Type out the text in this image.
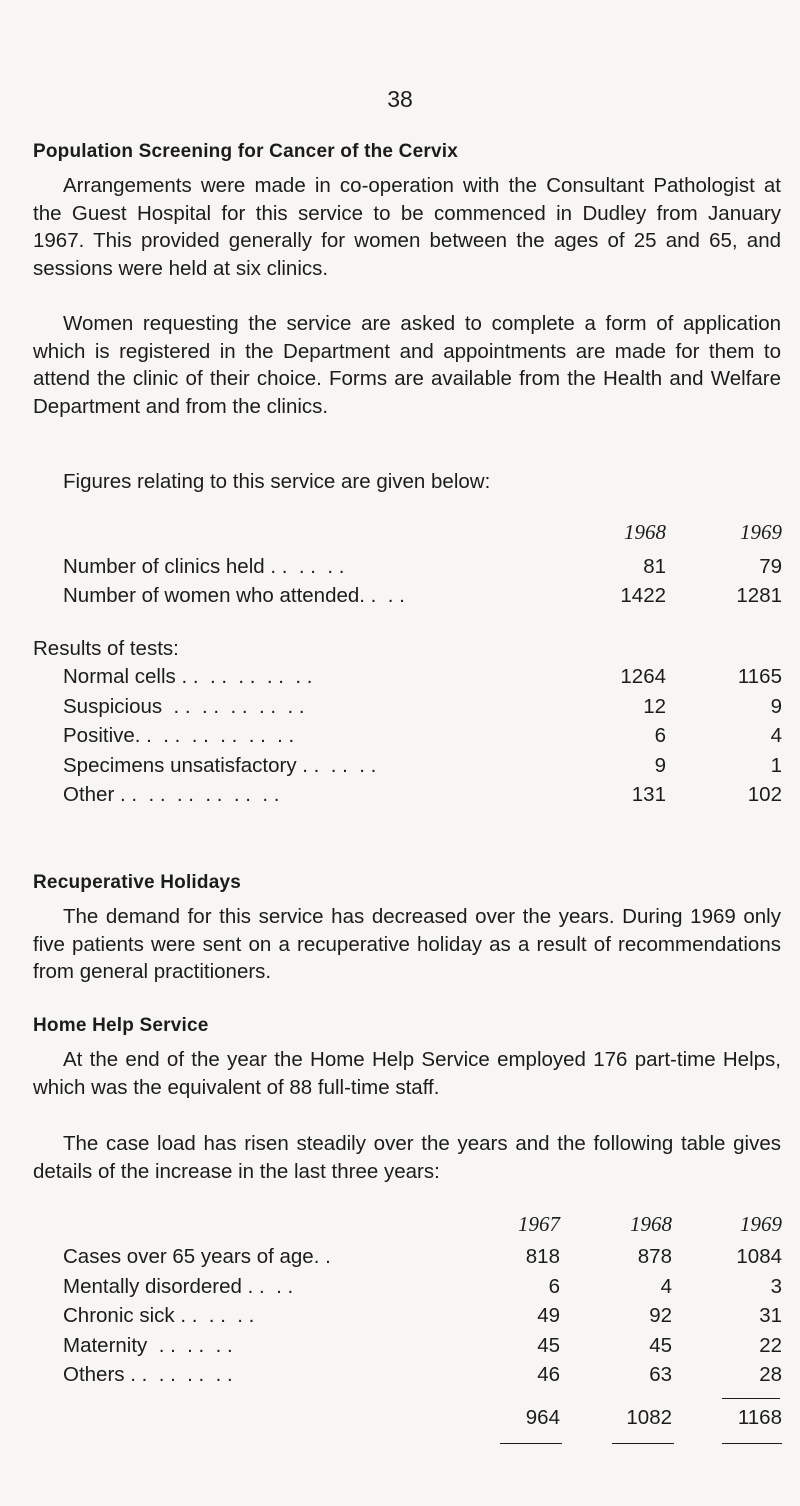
38
Population Screening for Cancer of the Cervix
Arrangements were made in co-operation with the Consultant Pathologist at the Guest Hospital for this service to be commenced in Dudley from January 1967. This provided generally for women between the ages of 25 and 65, and sessions were held at six clinics.
Women requesting the service are asked to complete a form of application which is registered in the Department and appointments are made for them to attend the clinic of their choice. Forms are available from the Health and Welfare Department and from the clinics.
Figures relating to this service are given below:
1968	1969
Number of clinics held . .  . .  . .	81	79
Number of women who attended. .  . .	1422	1281
Results of tests:
Normal cells . .  . .  . .  . .  . .	1264	1165
Suspicious  . .  . .  . .  . .  . .	12	9
Positive. .  . .  . .  . .  . .  . .	6	4
Specimens unsatisfactory . .  . .  . .	9	1
Other . .  . .  . .  . .  . .  . .	131	102
Recuperative Holidays
The demand for this service has decreased over the years. During 1969 only five patients were sent on a recuperative holiday as a result of recommendations from general practitioners.
Home Help Service
At the end of the year the Home Help Service employed 176 part-time Helps, which was the equivalent of 88 full-time staff.
The case load has risen steadily over the years and the following table gives details of the increase in the last three years:
1967	1968	1969
Cases over 65 years of age. .	818	878	1084
Mentally disordered . .  . .	6	4	3
Chronic sick . .  . .  . .	49	92	31
Maternity  . .  . .  . .	45	45	22
Others . .  . .  . .  . .	46	63	28
964	1082	1168
